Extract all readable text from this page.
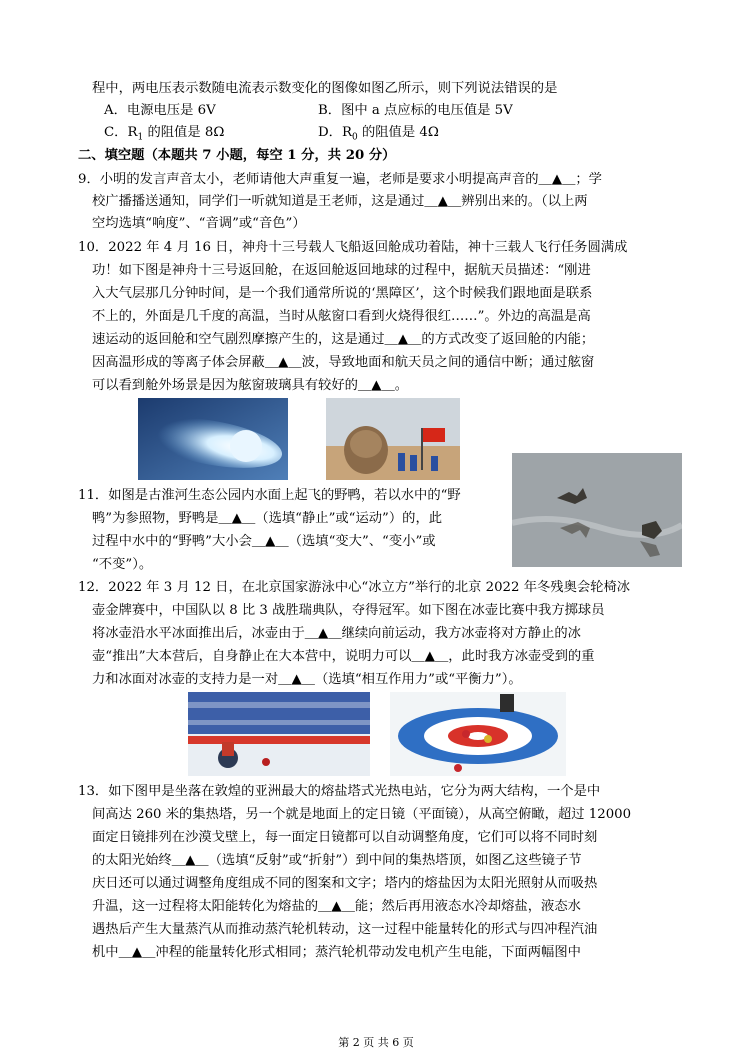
程中，两电压表示数随电流表示数变化的图像如图乙所示，则下列说法错误的是
A．电源电压是 6V	B．图中 a 点应标的电压值是 5V
C．$R_1$ 的阻值是 8Ω	D．$R_0$ 的阻值是 4Ω
二、填空题（本题共 7 小题，每空 1 分，共 20 分）
9．小明的发言声音太小，老师请他大声重复一遍，老师是要求小明提高声音的＿▲＿；学
校广播播送通知，同学们一听就知道是王老师，这是通过＿▲＿辨别出来的。（以上两
空均选填“响度”、“音调”或“音色”）
10．2022 年 4 月 16 日，神舟十三号载人飞船返回舱成功着陆，神十三载人飞行任务圆满成
功！如下图是神舟十三号返回舱，在返回舱返回地球的过程中，据航天员描述：“刚进
入大气层那几分钟时间，是一个我们通常所说的‘黑障区’，这个时候我们跟地面是联系
不上的，外面是几千度的高温，当时从舷窗口看到火烧得很红……”。外边的高温是高
速运动的返回舱和空气剧烈摩擦产生的，这是通过＿▲＿的方式改变了返回舱的内能；
因高温形成的等离子体会屏蔽＿▲＿波，导致地面和航天员之间的通信中断；通过舷窗
可以看到舱外场景是因为舷窗玻璃具有较好的＿▲＿。
11．如图是古淮河生态公园内水面上起飞的野鸭，若以水中的“野
鸭”为参照物，野鸭是＿▲＿（选填“静止”或“运动”）的，此
过程中水中的“野鸭”大小会＿▲＿（选填“变大”、“变小”或
“不变”）。
12．2022 年 3 月 12 日，在北京国家游泳中心“冰立方”举行的北京 2022 年冬残奥会轮椅冰
壶金牌赛中，中国队以 8 比 3 战胜瑞典队，夺得冠军。如下图在冰壶比赛中我方掷球员
将冰壶沿水平冰面推出后，冰壶由于＿▲＿继续向前运动，我方冰壶将对方静止的冰
壶“推出”大本营后，自身静止在大本营中，说明力可以＿▲＿，此时我方冰壶受到的重
力和冰面对冰壶的支持力是一对＿▲＿（选填“相互作用力”或“平衡力”）。
13．如下图甲是坐落在敦煌的亚洲最大的熔盐塔式光热电站，它分为两大结构，一个是中
间高达 260 米的集热塔，另一个就是地面上的定日镜（平面镜），从高空俯瞰，超过 12000
面定日镜排列在沙漠戈壁上，每一面定日镜都可以自动调整角度，它们可以将不同时刻
的太阳光始终＿▲＿（选填“反射”或“折射”）到中间的集热塔顶，如图乙这些镜子节
庆日还可以通过调整角度组成不同的图案和文字；塔内的熔盐因为太阳光照射从而吸热
升温，这一过程将太阳能转化为熔盐的＿▲＿能；然后再用液态水冷却熔盐，液态水
遇热后产生大量蒸汽从而推动蒸汽轮机转动，这一过程中能量转化的形式与四冲程汽油
机中＿▲＿冲程的能量转化形式相同；蒸汽轮机带动发电机产生电能，下面两幅图中
第 2 页 共 6 页
